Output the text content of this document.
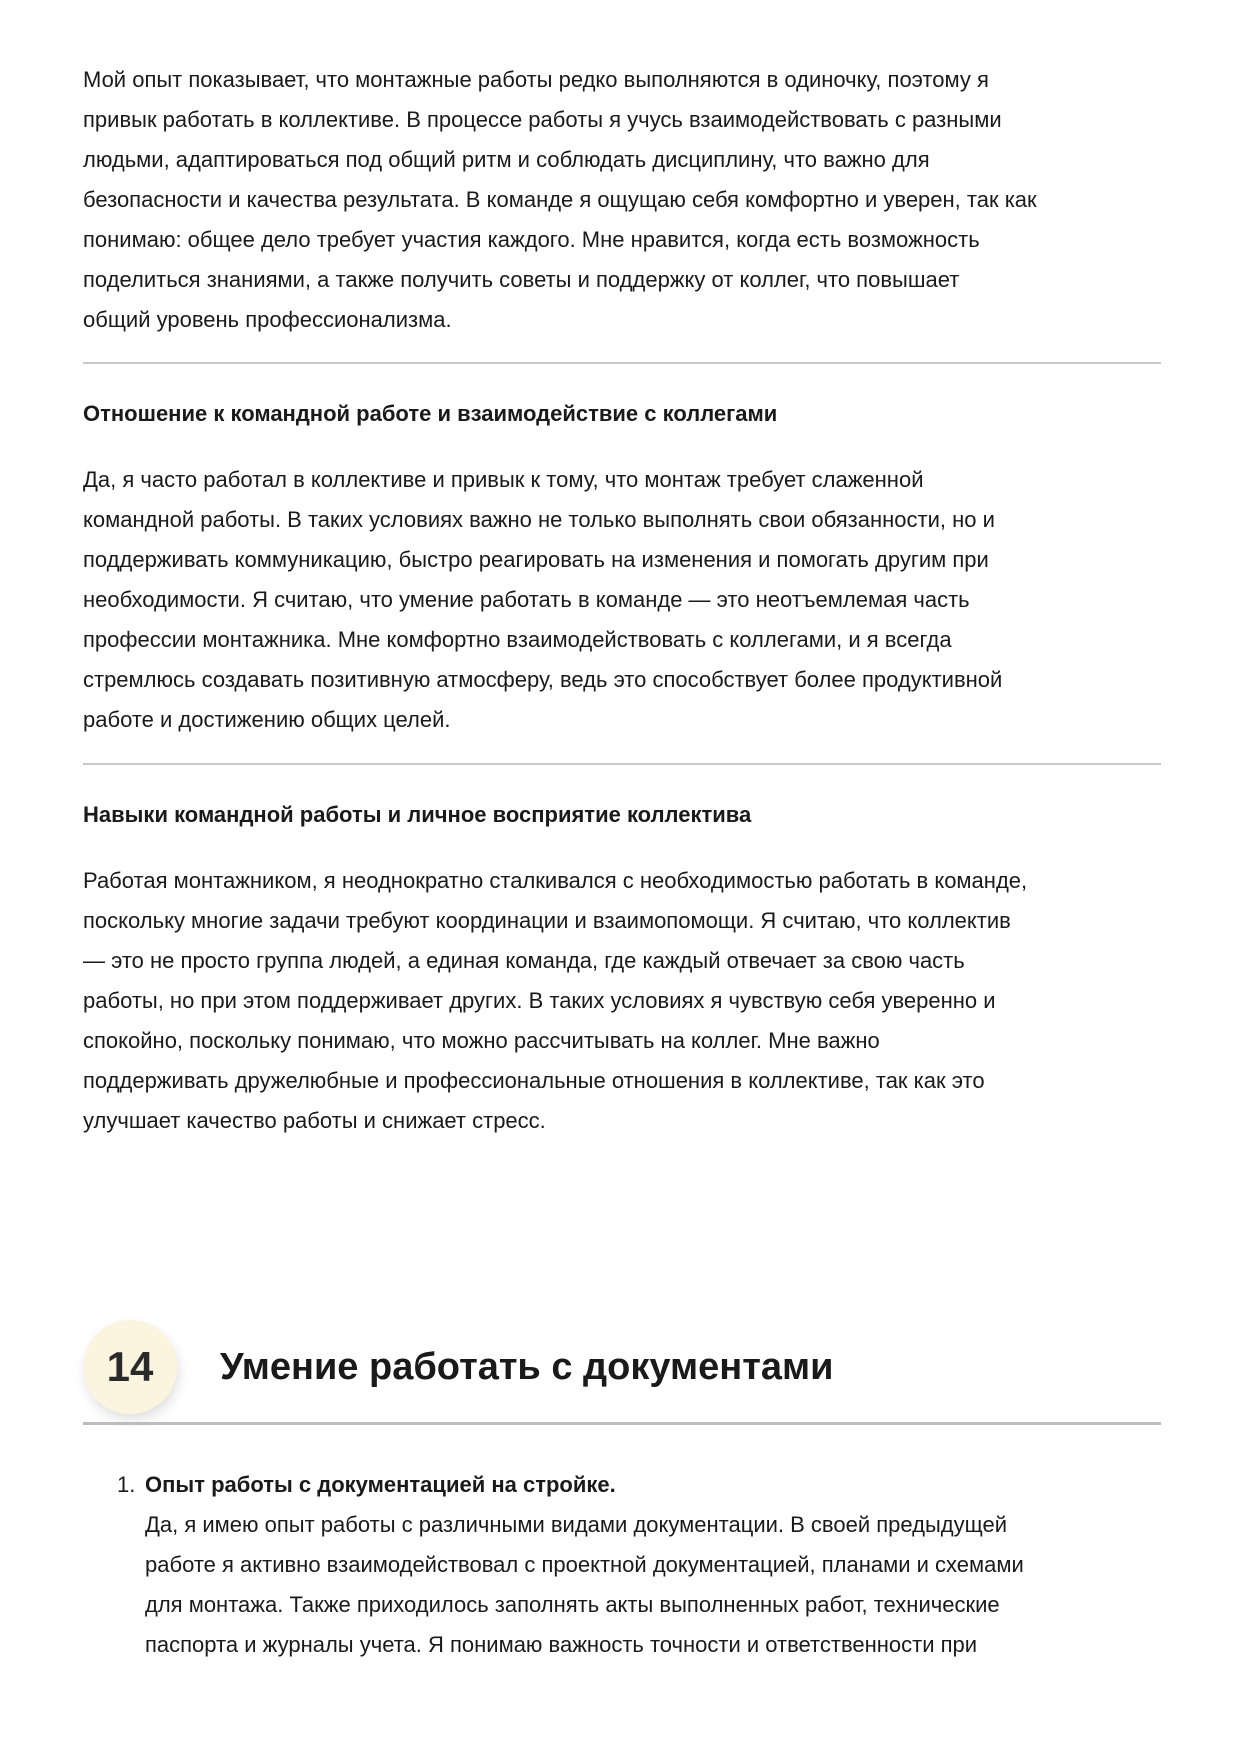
Мой опыт показывает, что монтажные работы редко выполняются в одиночку, поэтому я
привык работать в коллективе. В процессе работы я учусь взаимодействовать с разными
людьми, адаптироваться под общий ритм и соблюдать дисциплину, что важно для
безопасности и качества результата. В команде я ощущаю себя комфортно и уверен, так как
понимаю: общее дело требует участия каждого. Мне нравится, когда есть возможность
поделиться знаниями, а также получить советы и поддержку от коллег, что повышает
общий уровень профессионализма.
Отношение к командной работе и взаимодействие с коллегами
Да, я часто работал в коллективе и привык к тому, что монтаж требует слаженной
командной работы. В таких условиях важно не только выполнять свои обязанности, но и
поддерживать коммуникацию, быстро реагировать на изменения и помогать другим при
необходимости. Я считаю, что умение работать в команде — это неотъемлемая часть
профессии монтажника. Мне комфортно взаимодействовать с коллегами, и я всегда
стремлюсь создавать позитивную атмосферу, ведь это способствует более продуктивной
работе и достижению общих целей.
Навыки командной работы и личное восприятие коллектива
Работая монтажником, я неоднократно сталкивался с необходимостью работать в команде,
поскольку многие задачи требуют координации и взаимопомощи. Я считаю, что коллектив
— это не просто группа людей, а единая команда, где каждый отвечает за свою часть
работы, но при этом поддерживает других. В таких условиях я чувствую себя уверенно и
спокойно, поскольку понимаю, что можно рассчитывать на коллег. Мне важно
поддерживать дружелюбные и профессиональные отношения в коллективе, так как это
улучшает качество работы и снижает стресс.
14	Умение работать с документами
1. Опыт работы с документацией на стройке.
Да, я имею опыт работы с различными видами документации. В своей предыдущей
работе я активно взаимодействовал с проектной документацией, планами и схемами
для монтажа. Также приходилось заполнять акты выполненных работ, технические
паспорта и журналы учета. Я понимаю важность точности и ответственности при
